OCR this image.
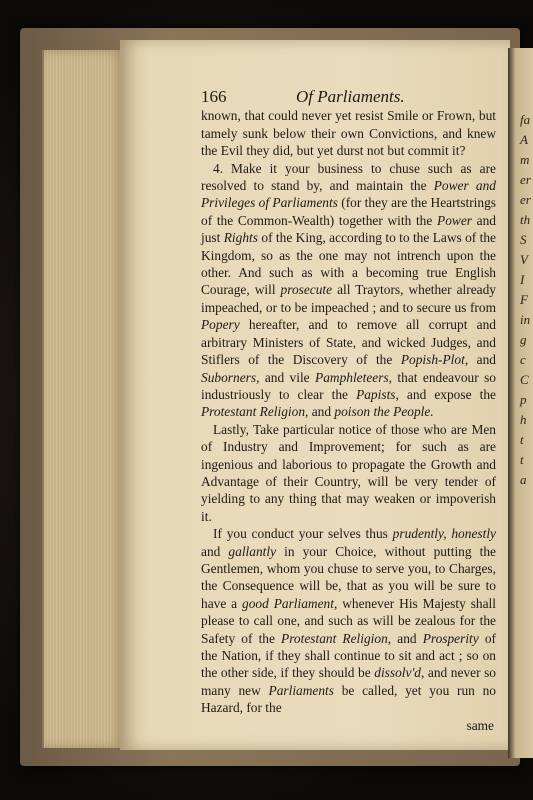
fa
A
m
er
er
th
S
V
I
F
in
g
c
C
p
h
t
t
a
166	Of Parliaments.

known, that could never yet resist Smile or Frown, but tamely sunk below their own Convictions, and knew the Evil they did, but yet durst not but commit it?

4. Make it your business to chuse such as are resolved to stand by, and maintain the Power and Privileges of Parliaments (for they are the Heartstrings of the Common-Wealth) together with the Power and just Rights of the King, according to to the Laws of the Kingdom, so as the one may not intrench upon the other. And such as with a becoming true English Courage, will prosecute all Traytors, whether already impeached, or to be impeached ; and to secure us from Popery hereafter, and to remove all corrupt and arbitrary Ministers of State, and wicked Judges, and Stiflers of the Discovery of the Popish-Plot, and Suborners, and vile Pamphleteers, that endeavour so industriously to clear the Papists, and expose the Protestant Religion, and poison the People.

Lastly, Take particular notice of those who are Men of Industry and Improvement; for such as are ingenious and laborious to propagate the Growth and Advantage of their Country, will be very tender of yielding to any thing that may weaken or impoverish it.

If you conduct your selves thus prudently, honestly and gallantly in your Choice, without putting the Gentlemen, whom you chuse to serve you, to Charges, the Consequence will be, that as you will be sure to have a good Parliament, whenever His Majesty shall please to call one, and such as will be zealous for the Safety of the Protestant Religion, and Prosperity of the Nation, if they shall continue to sit and act ; so on the other side, if they should be dissolv'd, and never so many new Parliaments be called, yet you run no Hazard, for the

same
